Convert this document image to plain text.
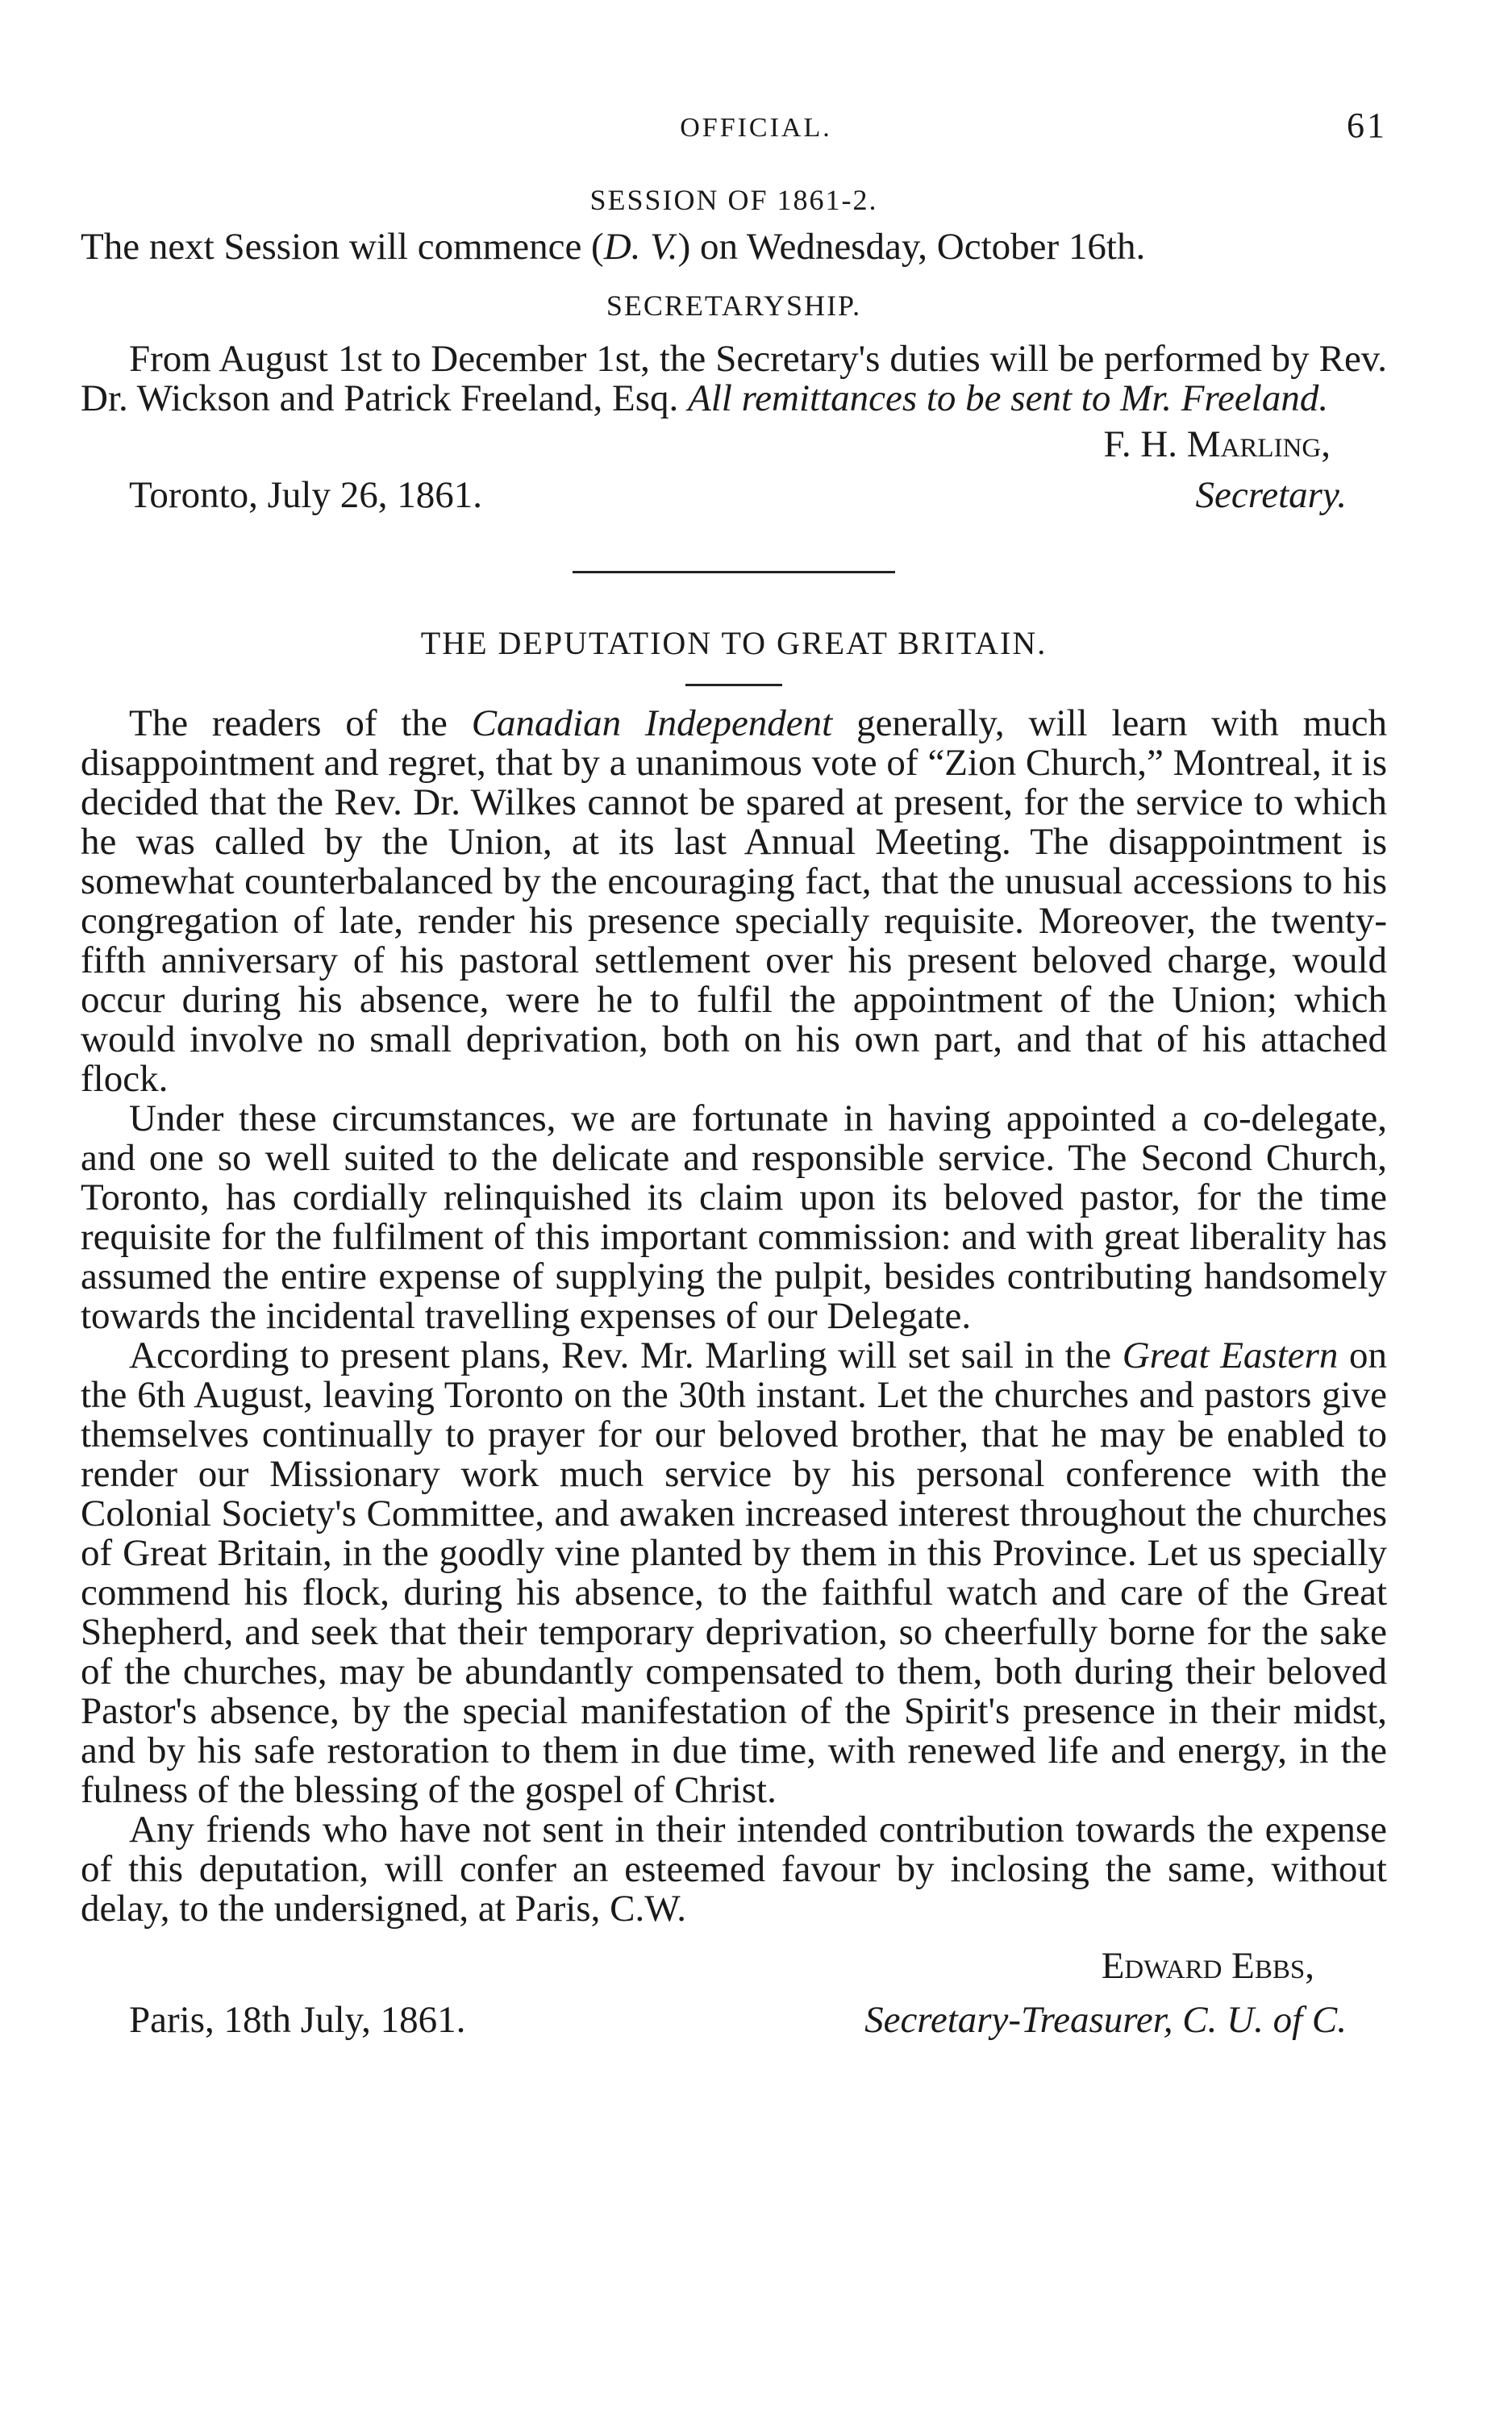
OFFICIAL.	61
SESSION OF 1861-2.

The next Session will commence (D. V.) on Wednesday, October 16th.

SECRETARYSHIP.

From August 1st to December 1st, the Secretary's duties will be performed by Rev. Dr. Wickson and Patrick Freeland, Esq. All remittances to be sent to Mr. Freeland.

F. H. Marling,
Toronto, July 26, 1861.	Secretary.
THE DEPUTATION TO GREAT BRITAIN.

The readers of the Canadian Independent generally, will learn with much disappointment and regret, that by a unanimous vote of “Zion Church,” Montreal, it is decided that the Rev. Dr. Wilkes cannot be spared at present, for the service to which he was called by the Union, at its last Annual Meeting. The disappointment is somewhat counterbalanced by the encouraging fact, that the unusual accessions to his congregation of late, render his presence specially requisite. Moreover, the twenty-fifth anniversary of his pastoral settlement over his present beloved charge, would occur during his absence, were he to fulfil the appointment of the Union; which would involve no small deprivation, both on his own part, and that of his attached flock.

Under these circumstances, we are fortunate in having appointed a co-delegate, and one so well suited to the delicate and responsible service. The Second Church, Toronto, has cordially relinquished its claim upon its beloved pastor, for the time requisite for the fulfilment of this important commission: and with great liberality has assumed the entire expense of supplying the pulpit, besides contributing handsomely towards the incidental travelling expenses of our Delegate.

According to present plans, Rev. Mr. Marling will set sail in the Great Eastern on the 6th August, leaving Toronto on the 30th instant. Let the churches and pastors give themselves continually to prayer for our beloved brother, that he may be enabled to render our Missionary work much service by his personal conference with the Colonial Society's Committee, and awaken increased interest throughout the churches of Great Britain, in the goodly vine planted by them in this Province. Let us specially commend his flock, during his absence, to the faithful watch and care of the Great Shepherd, and seek that their temporary deprivation, so cheerfully borne for the sake of the churches, may be abundantly compensated to them, both during their beloved Pastor's absence, by the special manifestation of the Spirit's presence in their midst, and by his safe restoration to them in due time, with renewed life and energy, in the fulness of the blessing of the gospel of Christ.

Any friends who have not sent in their intended contribution towards the expense of this deputation, will confer an esteemed favour by inclosing the same, without delay, to the undersigned, at Paris, C.W.

Edward Ebbs,
Paris, 18th July, 1861.	Secretary-Treasurer, C. U. of C.
